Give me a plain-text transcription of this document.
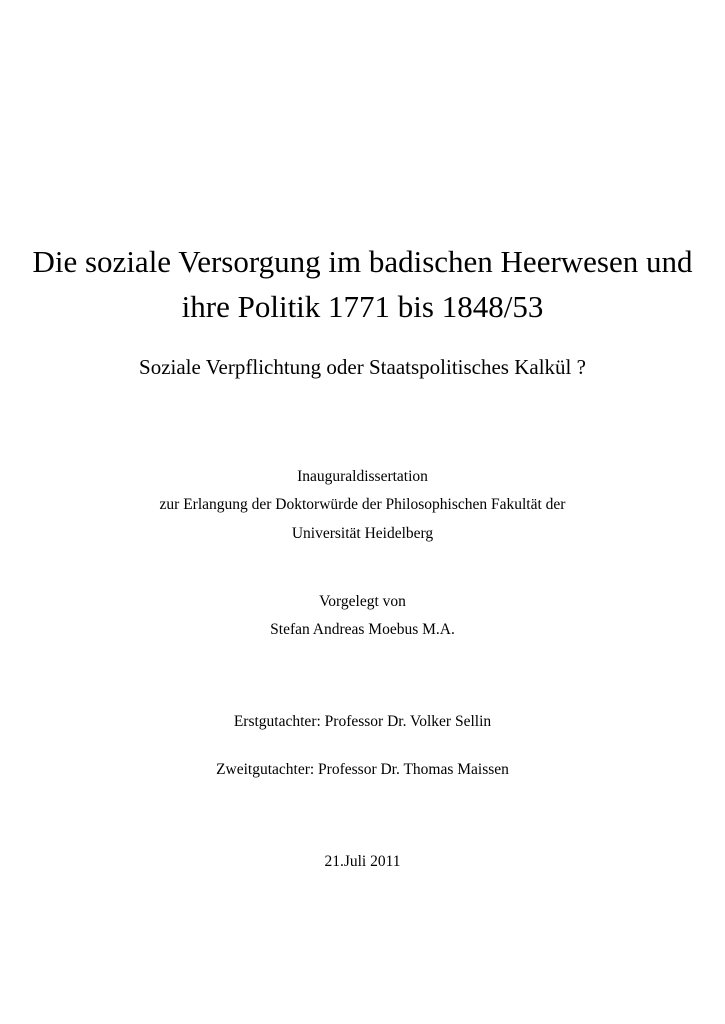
Die soziale Versorgung im badischen Heerwesen und
ihre Politik 1771 bis 1848/53
Soziale Verpflichtung oder Staatspolitisches Kalkül ?
Inauguraldissertation
zur Erlangung der Doktorwürde der Philosophischen Fakultät der
Universität Heidelberg
Vorgelegt von
Stefan Andreas Moebus M.A.
Erstgutachter: Professor Dr. Volker Sellin
Zweitgutachter: Professor Dr. Thomas Maissen
21.Juli 2011
